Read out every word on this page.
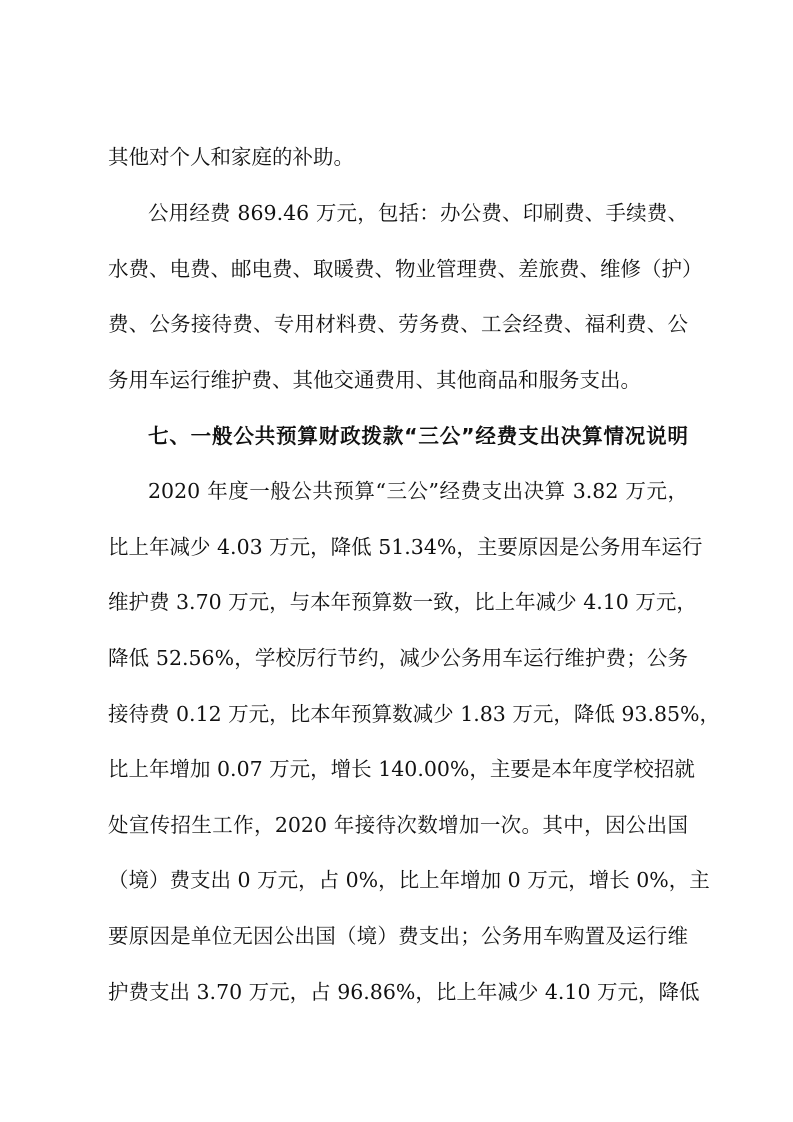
其他对个人和家庭的补助。
公用经费 869.46 万元，包括：办公费、印刷费、手续费、
水费、电费、邮电费、取暖费、物业管理费、差旅费、维修（护）
费、公务接待费、专用材料费、劳务费、工会经费、福利费、公
务用车运行维护费、其他交通费用、其他商品和服务支出。
七、一般公共预算财政拨款“三公”经费支出决算情况说明
2020 年度一般公共预算“三公”经费支出决算 3.82 万元，
比上年减少 4.03 万元，降低 51.34%，主要原因是公务用车运行
维护费 3.70 万元，与本年预算数一致，比上年减少 4.10 万元，
降低 52.56%，学校厉行节约，减少公务用车运行维护费；公务
接待费 0.12 万元，比本年预算数减少 1.83 万元，降低 93.85%，
比上年增加 0.07 万元，增长 140.00%，主要是本年度学校招就
处宣传招生工作，2020 年接待次数增加一次。其中，因公出国
（境）费支出 0 万元，占 0%，比上年增加 0 万元，增长 0%，主
要原因是单位无因公出国（境）费支出；公务用车购置及运行维
护费支出 3.70 万元，占 96.86%，比上年减少 4.10 万元，降低
